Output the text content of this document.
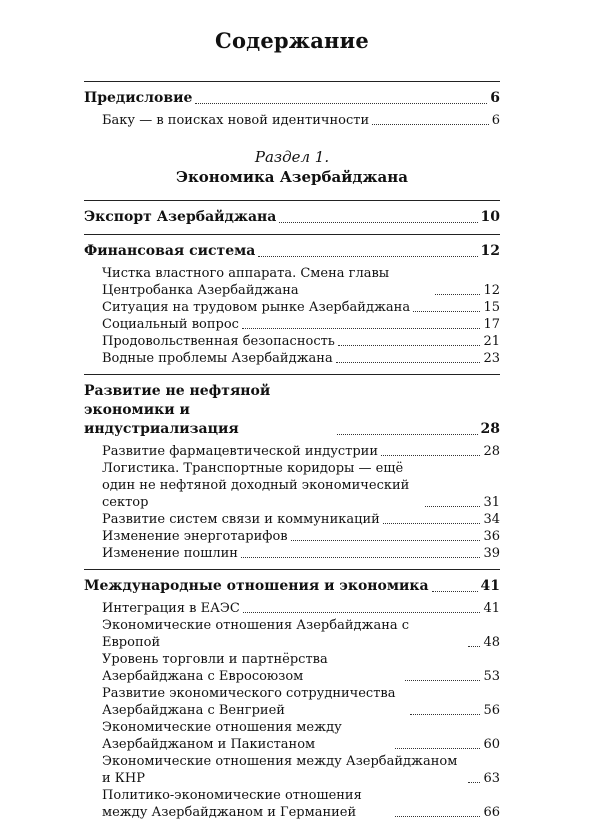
Содержание
Предисловие	6
Баку — в поисках новой идентичности	6
Раздел 1.
Экономика Азербайджана
Экспорт Азербайджана	10
Финансовая система	12
Чистка властного аппарата. Смена главы Центробанка Азербайджана	12
Ситуация на трудовом рынке Азербайджана	15
Социальный вопрос	17
Продовольственная безопасность	21
Водные проблемы Азербайджана	23
Развитие не нефтяной экономики и индустриализация	28
Развитие фармацевтической индустрии	28
Логистика. Транспортные коридоры — ещё один не нефтяной доходный экономический сектор	31
Развитие систем связи и коммуникаций	34
Изменение энерготарифов	36
Изменение пошлин	39
Международные отношения и экономика	41
Интеграция в ЕАЭС	41
Экономические отношения Азербайджана с Европой	48
Уровень торговли и партнёрства Азербайджана с Евросоюзом	53
Развитие экономического сотрудничества Азербайджана с Венгрией	56
Экономические отношения между Азербайджаном и Пакистаном	60
Экономические отношения между Азербайджаном и КНР	63
Политико-экономические отношения между Азербайджаном и Германией	66
